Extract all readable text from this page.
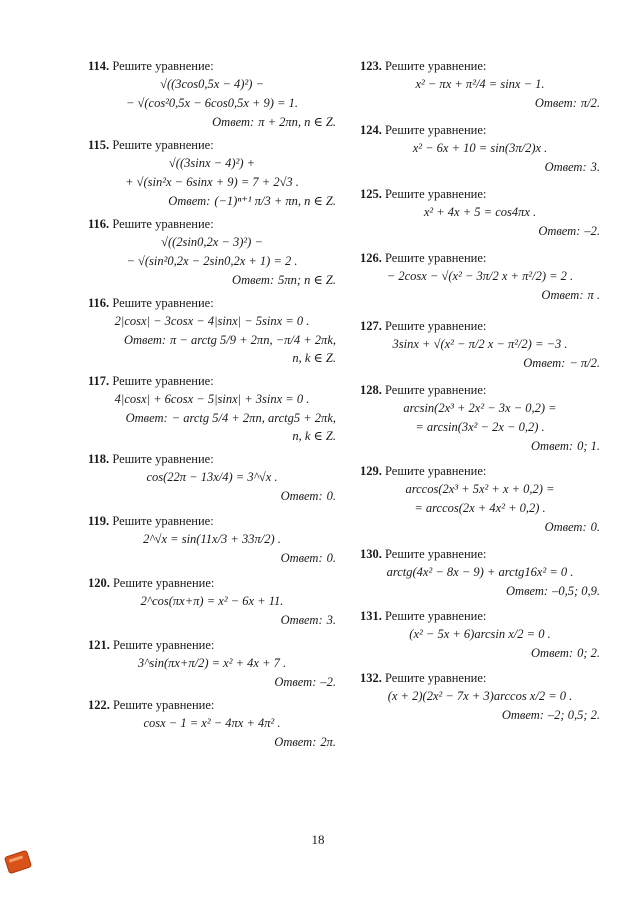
114. Решите уравнение:
√((3cos0,5x − 4)²) −
− √(cos²0,5x − 6cos0,5x + 9) = 1.
Ответ: π + 2πn, n ∈ Z.
115. Решите уравнение:
√((3sinx − 4)²) +
+ √(sin²x − 6sinx + 9) = 7 + 2√3 .
Ответ: (−1)ⁿ⁺¹ π/3 + πn, n ∈ Z.
116. Решите уравнение:
√((2sin0,2x − 3)²) −
− √(sin²0,2x − 2sin0,2x + 1) = 2 .
Ответ: 5πn; n ∈ Z.
116. Решите уравнение:
2|cosx| − 3cosx − 4|sinx| − 5sinx = 0 .
Ответ: π − arctg 5/9 + 2πn, −π/4 + 2πk,
n, k ∈ Z.
117. Решите уравнение:
4|cosx| + 6cosx − 5|sinx| + 3sinx = 0 .
Ответ: − arctg 5/4 + 2πn, arctg5 + 2πk,
n, k ∈ Z.
118. Решите уравнение:
cos(22π − 13x/4) = 3^√x .
Ответ: 0.
119. Решите уравнение:
2^√x = sin(11x/3 + 33π/2) .
Ответ: 0.
120. Решите уравнение:
2^cos(πx+π) = x² − 6x + 11.
Ответ: 3.
121. Решите уравнение:
3^sin(πx+π/2) = x² + 4x + 7 .
Ответ: –2.
122. Решите уравнение:
cosx − 1 = x² − 4πx + 4π² .
Ответ: 2π.
123. Решите уравнение:
x² − πx + π²/4 = sinx − 1.
Ответ: π/2.
124. Решите уравнение:
x² − 6x + 10 = sin(3π/2)x .
Ответ: 3.
125. Решите уравнение:
x² + 4x + 5 = cos4πx .
Ответ: –2.
126. Решите уравнение:
− 2cosx − √(x² − 3π/2 x + π²/2) = 2 .
Ответ: π .
127. Решите уравнение:
3sinx + √(x² − π/2 x − π²/2) = −3 .
Ответ: − π/2.
128. Решите уравнение:
arcsin(2x³ + 2x² − 3x − 0,2) =
= arcsin(3x² − 2x − 0,2) .
Ответ: 0; 1.
129. Решите уравнение:
arccos(2x³ + 5x² + x + 0,2) =
= arccos(2x + 4x² + 0,2) .
Ответ: 0.
130. Решите уравнение:
arctg(4x² − 8x − 9) + arctg16x² = 0 .
Ответ: –0,5; 0,9.
131. Решите уравнение:
(x² − 5x + 6)arcsin x/2 = 0 .
Ответ: 0; 2.
132. Решите уравнение:
(x + 2)(2x² − 7x + 3)arccos x/2 = 0 .
Ответ: –2; 0,5; 2.
18
